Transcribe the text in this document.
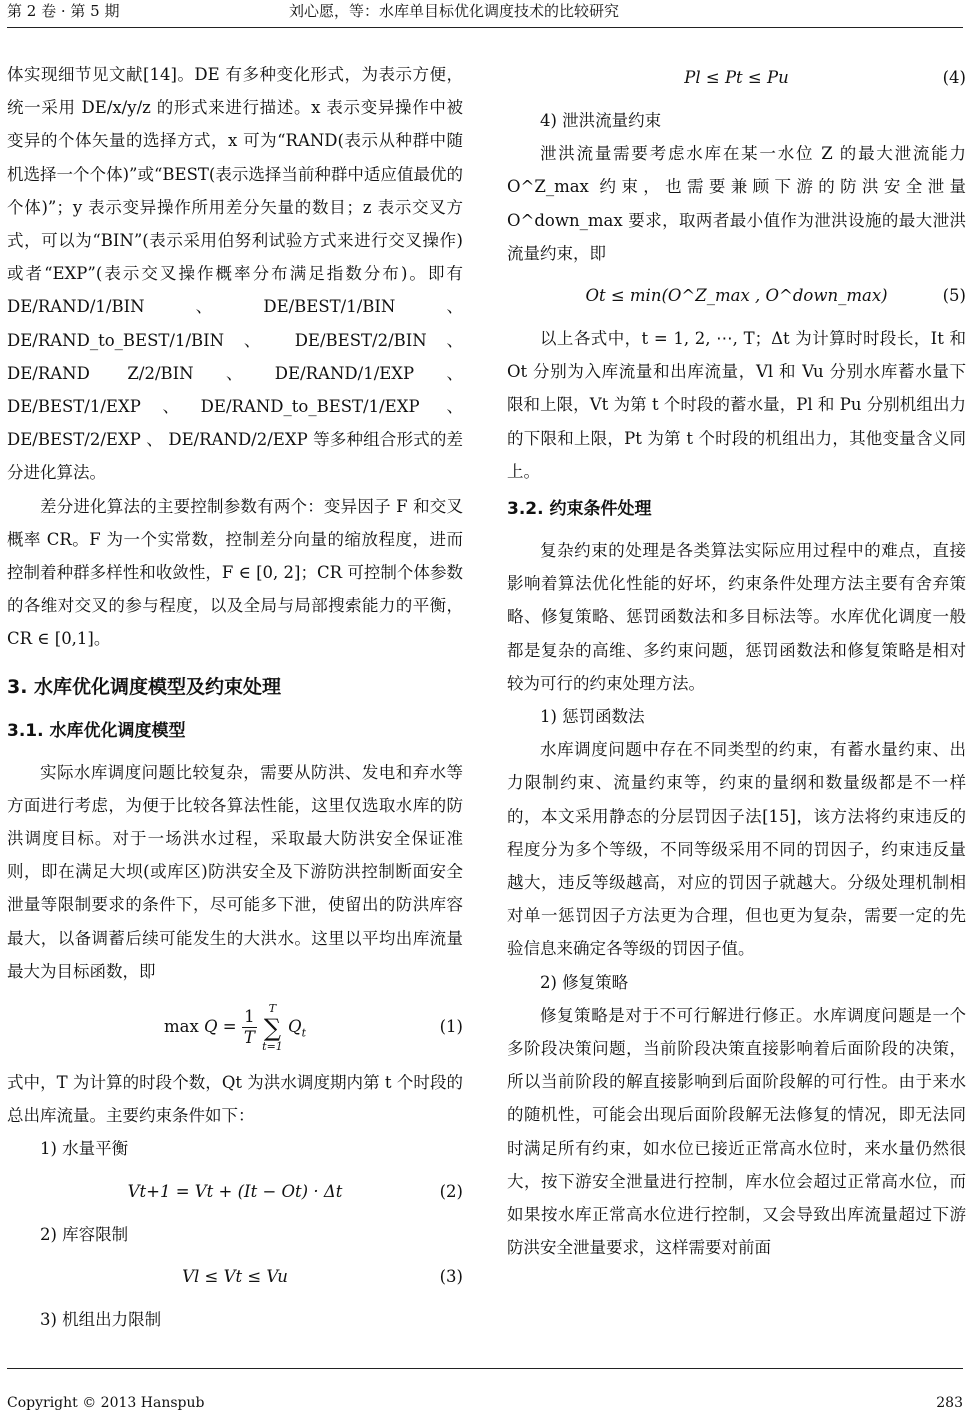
第 2 卷 · 第 5 期	刘心愿，等：水库单目标优化调度技术的比较研究

体实现细节见文献[14]。DE 有多种变化形式，为表示方便，统一采用 DE/x/y/z 的形式来进行描述。x 表示变异操作中被变异的个体矢量的选择方式，x 可为“RAND(表示从种群中随机选择一个个体)”或“BEST(表示选择当前种群中适应值最优的个体)”；y 表示变异操作所用差分矢量的数目；z 表示交叉方式，可以为“BIN”(表示采用伯努利试验方式来进行交叉操作)或者“EXP”(表示交叉操作概率分布满足指数分布)。即有 DE/RAND/1/BIN、DE/BEST/1/BIN、DE/RAND_to_BEST/1/BIN 、 DE/BEST/2/BIN 、 DE/RAND Z/2/BIN、DE/RAND/1/EXP、DE/BEST/1/EXP、DE/RAND_to_BEST/1/EXP 、 DE/BEST/2/EXP 、 DE/RAND/2/EXP 等多种组合形式的差分进化算法。

差分进化算法的主要控制参数有两个：变异因子 F 和交叉概率 CR。F 为一个实常数，控制差分向量的缩放程度，进而控制着种群多样性和收敛性，F ∈ [0, 2]；CR 可控制个体参数的各维对交叉的参与程度，以及全局与局部搜索能力的平衡，CR ∈ [0,1]。

3. 水库优化调度模型及约束处理
3.1. 水库优化调度模型

实际水库调度问题比较复杂，需要从防洪、发电和弃水等方面进行考虑，为便于比较各算法性能，这里仅选取水库的防洪调度目标。对于一场洪水过程，采取最大防洪安全保证准则，即在满足大坝(或库区)防洪安全及下游防洪控制断面安全泄量等限制要求的条件下，尽可能多下泄，使留出的防洪库容最大，以备调蓄后续可能发生的大洪水。这里以平均出库流量最大为目标函数，即

$\max Q = \frac{1}{T}$
	T
∑
t=1
$Q_t$	(1)

式中，T 为计算的时段个数，Qt 为洪水调度期内第 t 个时段的总出库流量。主要约束条件如下：

1) 水量平衡

Vt+1 = Vt + (It − Ot) · Δt	(2)

2) 库容限制

Vl ≤ Vt ≤ Vu	(3)

3) 机组出力限制

Pl ≤ Pt ≤ Pu	(4)

4) 泄洪流量约束

泄洪流量需要考虑水库在某一水位 Z 的最大泄流能力 O^Z_max 约束，也需要兼顾下游的防洪安全泄量 O^down_max 要求，取两者最小值作为泄洪设施的最大泄洪流量约束，即

Ot ≤ min(O^Z_max , O^down_max)	(5)

以上各式中，t = 1, 2, ⋯, T；Δt 为计算时时段长，It 和 Ot 分别为入库流量和出库流量，Vl 和 Vu 分别水库蓄水量下限和上限，Vt 为第 t 个时段的蓄水量，Pl 和 Pu 分别机组出力的下限和上限，Pt 为第 t 个时段的机组出力，其他变量含义同上。

3.2. 约束条件处理

复杂约束的处理是各类算法实际应用过程中的难点，直接影响着算法优化性能的好坏，约束条件处理方法主要有舍弃策略、修复策略、惩罚函数法和多目标法等。水库优化调度一般都是复杂的高维、多约束问题，惩罚函数法和修复策略是相对较为可行的约束处理方法。

1) 惩罚函数法

水库调度问题中存在不同类型的约束，有蓄水量约束、出力限制约束、流量约束等，约束的量纲和数量级都是不一样的，本文采用静态的分层罚因子法[15]，该方法将约束违反的程度分为多个等级，不同等级采用不同的罚因子，约束违反量越大，违反等级越高，对应的罚因子就越大。分级处理机制相对单一惩罚因子方法更为合理，但也更为复杂，需要一定的先验信息来确定各等级的罚因子值。

2) 修复策略

修复策略是对于不可行解进行修正。水库调度问题是一个多阶段决策问题，当前阶段决策直接影响着后面阶段的决策，所以当前阶段的解直接影响到后面阶段解的可行性。由于来水的随机性，可能会出现后面阶段解无法修复的情况，即无法同时满足所有约束，如水位已接近正常高水位时，来水量仍然很大，按下游安全泄量进行控制，库水位会超过正常高水位，而如果按水库正常高水位进行控制，又会导致出库流量超过下游防洪安全泄量要求，这样需要对前面

Copyright © 2013 Hanspub	283
